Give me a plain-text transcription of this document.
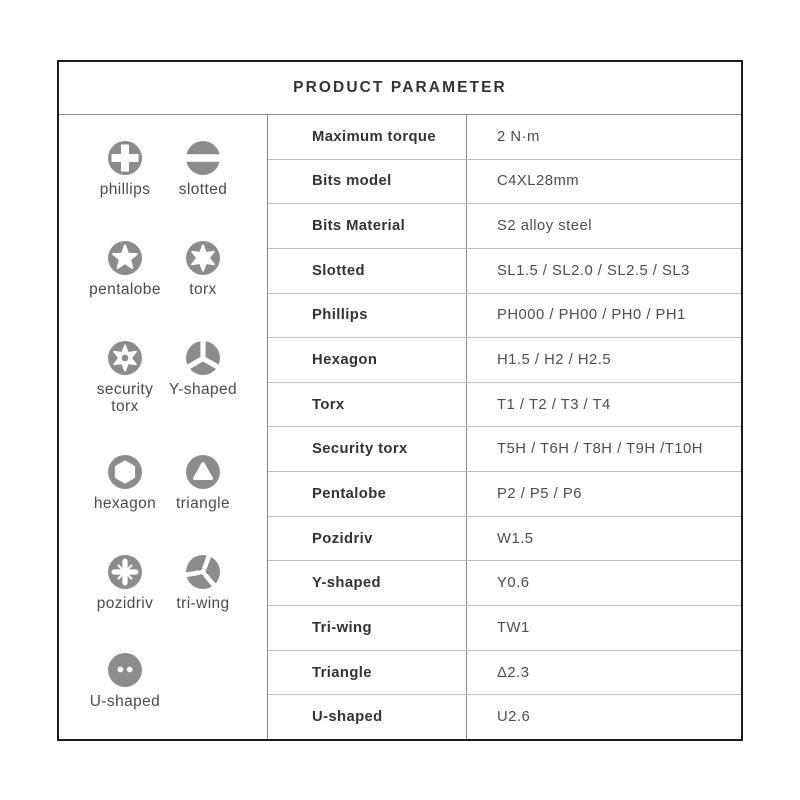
PRODUCT PARAMETER
phillips slotted
pentalobe torx
security torx
Y-shaped
hexagon triangle
pozidriv tri-wing
U-shaped
Maximum torque	2 N·m
Bits model	C4XL28mm
Bits Material	S2 alloy steel
Slotted	SL1.5 / SL2.0 / SL2.5 / SL3
Phillips	PH000 / PH00 / PH0 / PH1
Hexagon	H1.5 / H2 / H2.5
Torx	T1 / T2 / T3 / T4
Security torx	T5H / T6H / T8H / T9H /T10H
Pentalobe	P2 / P5 / P6
Pozidriv	W1.5
Y-shaped	Y0.6
Tri-wing	TW1
Triangle	Δ2.3
U-shaped	U2.6
